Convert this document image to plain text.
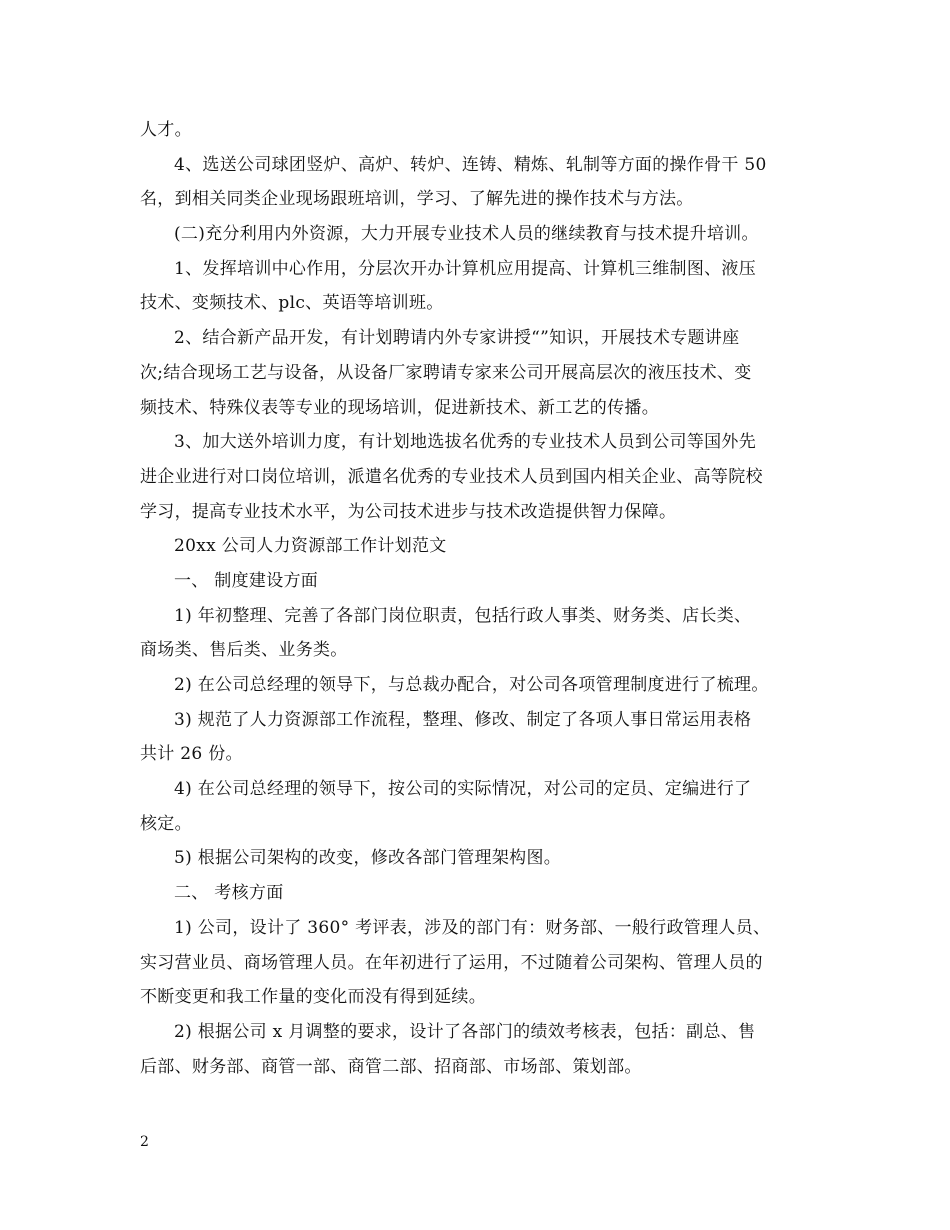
人才。
4、选送公司球团竖炉、高炉、转炉、连铸、精炼、轧制等方面的操作骨干 50
名，到相关同类企业现场跟班培训，学习、了解先进的操作技术与方法。
(二)充分利用内外资源，大力开展专业技术人员的继续教育与技术提升培训。
1、发挥培训中心作用，分层次开办计算机应用提高、计算机三维制图、液压
技术、变频技术、plc、英语等培训班。
2、结合新产品开发，有计划聘请内外专家讲授“”知识，开展技术专题讲座
次;结合现场工艺与设备，从设备厂家聘请专家来公司开展高层次的液压技术、变
频技术、特殊仪表等专业的现场培训，促进新技术、新工艺的传播。
3、加大送外培训力度，有计划地选拔名优秀的专业技术人员到公司等国外先
进企业进行对口岗位培训，派遣名优秀的专业技术人员到国内相关企业、高等院校
学习，提高专业技术水平，为公司技术进步与技术改造提供智力保障。
20xx 公司人力资源部工作计划范文
一、 制度建设方面
1) 年初整理、完善了各部门岗位职责，包括行政人事类、财务类、店长类、
商场类、售后类、业务类。
2) 在公司总经理的领导下，与总裁办配合，对公司各项管理制度进行了梳理。
3) 规范了人力资源部工作流程，整理、修改、制定了各项人事日常运用表格
共计 26 份。
4) 在公司总经理的领导下，按公司的实际情况，对公司的定员、定编进行了
核定。
5) 根据公司架构的改变，修改各部门管理架构图。
二、 考核方面
1) 公司，设计了 360° 考评表，涉及的部门有：财务部、一般行政管理人员、
实习营业员、商场管理人员。在年初进行了运用，不过随着公司架构、管理人员的
不断变更和我工作量的变化而没有得到延续。
2) 根据公司 x 月调整的要求，设计了各部门的绩效考核表，包括：副总、售
后部、财务部、商管一部、商管二部、招商部、市场部、策划部。
2
